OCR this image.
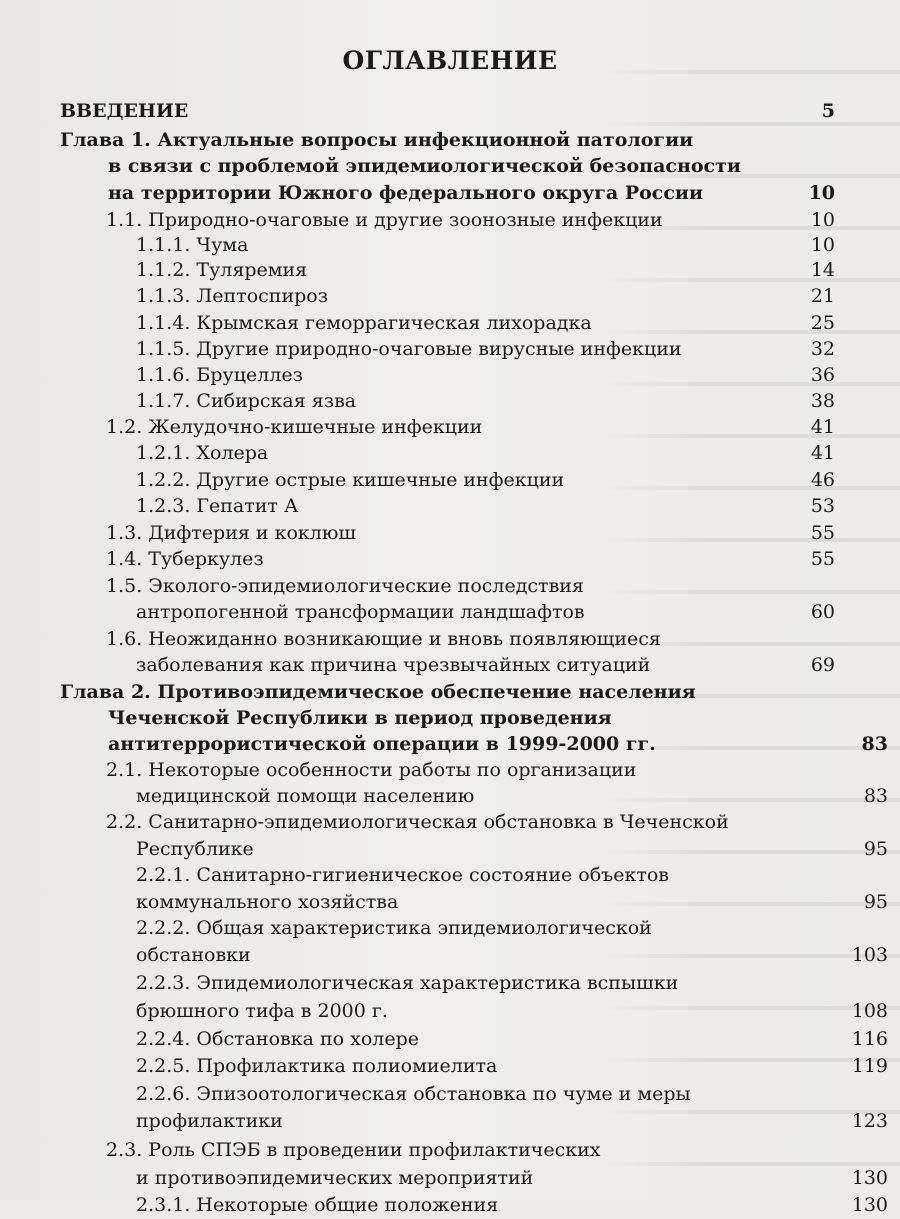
ОГЛАВЛЕНИЕ
ВВЕДЕНИЕ	5
Глава 1. Актуальные вопросы инфекционной патологии
в связи с проблемой эпидемиологической безопасности
на территории Южного федерального округа России	10
1.1. Природно-очаговые и другие зоонозные инфекции	10
1.1.1. Чума	10
1.1.2. Туляремия	14
1.1.3. Лептоспироз	21
1.1.4. Крымская геморрагическая лихорадка	25
1.1.5. Другие природно-очаговые вирусные инфекции	32
1.1.6. Бруцеллез	36
1.1.7. Сибирская язва	38
1.2. Желудочно-кишечные инфекции	41
1.2.1. Холера	41
1.2.2. Другие острые кишечные инфекции	46
1.2.3. Гепатит А	53
1.3. Дифтерия и коклюш	55
1.4. Туберкулез	55
1.5. Эколого-эпидемиологические последствия
антропогенной трансформации ландшафтов	60
1.6. Неожиданно возникающие и вновь появляющиеся
заболевания как причина чрезвычайных ситуаций	69
Глава 2. Противоэпидемическое обеспечение населения
Чеченской Республики в период проведения
антитеррористической операции в 1999-2000 гг.	83
2.1. Некоторые особенности работы по организации
медицинской помощи населению	83
2.2. Санитарно-эпидемиологическая обстановка в Чеченской
Республике	95
2.2.1. Санитарно-гигиеническое состояние объектов
коммунального хозяйства	95
2.2.2. Общая характеристика эпидемиологической
обстановки	103
2.2.3. Эпидемиологическая характеристика вспышки
брюшного тифа в 2000 г.	108
2.2.4. Обстановка по холере	116
2.2.5. Профилактика полиомиелита	119
2.2.6. Эпизоотологическая обстановка по чуме и меры
профилактики	123
2.3. Роль СПЭБ в проведении профилактических
и противоэпидемических мероприятий	130
2.3.1. Некоторые общие положения	130
